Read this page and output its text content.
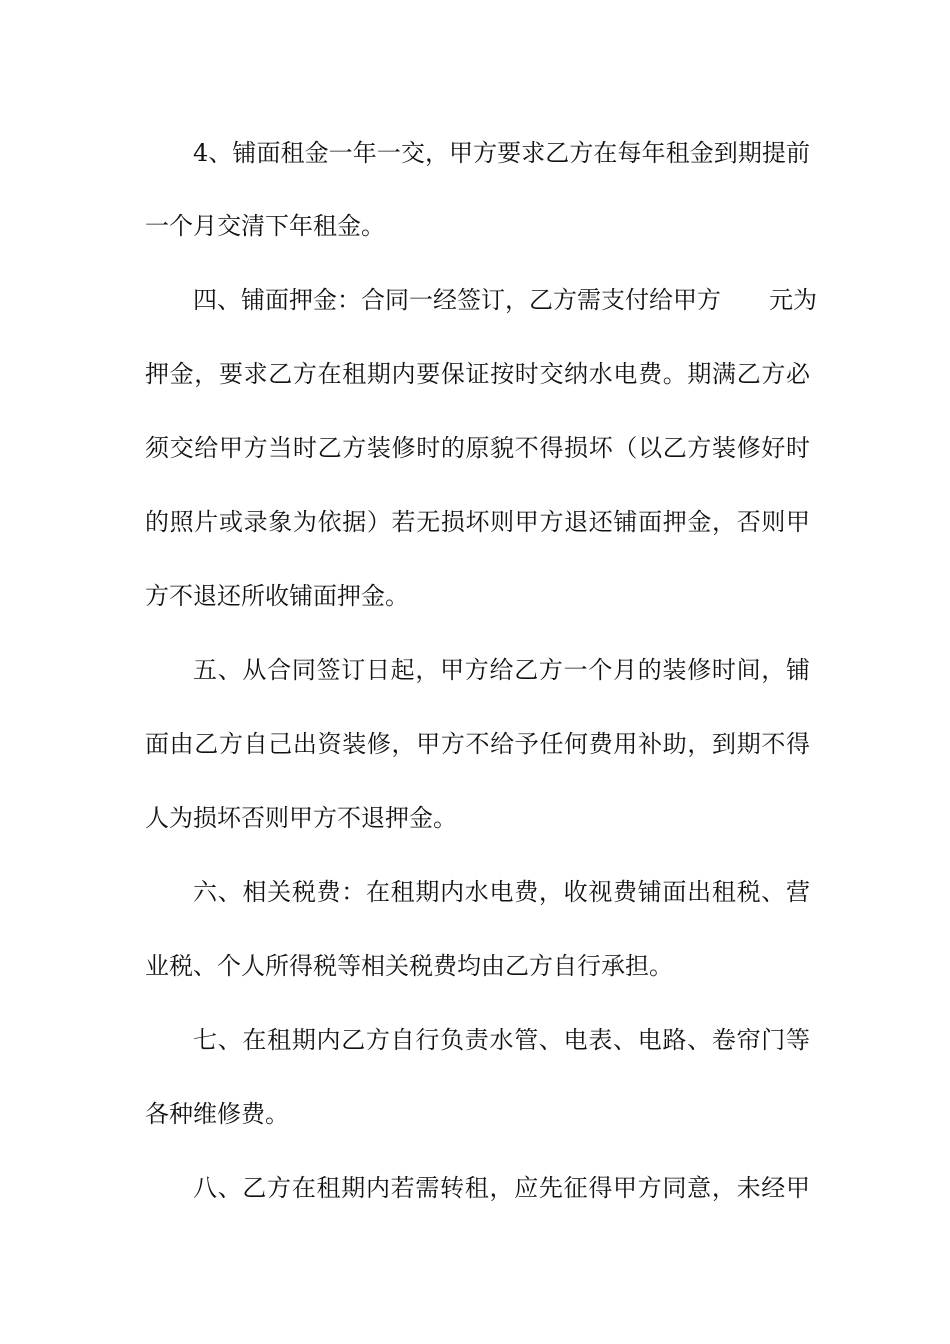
4、铺面租金一年一交，甲方要求乙方在每年租金到期提前
一个月交清下年租金。
四、铺面押金：合同一经签订，乙方需支付给甲方　　元为
押金，要求乙方在租期内要保证按时交纳水电费。期满乙方必
须交给甲方当时乙方装修时的原貌不得损坏（以乙方装修好时
的照片或录象为依据）若无损坏则甲方退还铺面押金，否则甲
方不退还所收铺面押金。
五、从合同签订日起，甲方给乙方一个月的装修时间，铺
面由乙方自己出资装修，甲方不给予任何费用补助，到期不得
人为损坏否则甲方不退押金。
六、相关税费：在租期内水电费，收视费铺面出租税、营
业税、个人所得税等相关税费均由乙方自行承担。
七、在租期内乙方自行负责水管、电表、电路、卷帘门等
各种维修费。
八、乙方在租期内若需转租，应先征得甲方同意，未经甲
